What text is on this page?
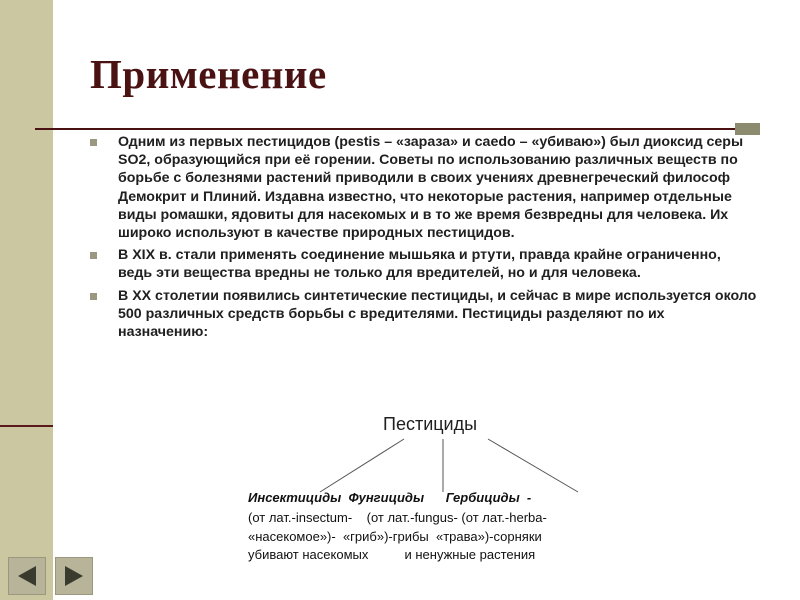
Применение
Одним из первых пестицидов (pestis – «зараза» и caedo – «убиваю») был диоксид серы SO2, образующийся при её горении. Советы по использованию различных веществ по борьбе с болезнями растений приводили в своих учениях древнегреческий философ Демокрит и Плиний. Издавна известно, что некоторые растения, например отдельные виды ромашки, ядовиты для насекомых и в то же время безвредны для человека. Их широко используют в качестве природных пестицидов.
В XIX в. стали применять соединение мышьяка и ртути, правда крайне ограниченно, ведь эти вещества вредны не только для вредителей, но и для человека.
В XX столетии появились синтетические пестициды, и сейчас в мире используется около 500 различных средств борьбы с вредителями. Пестициды разделяют по их назначению:
Пестициды
Инсектициды  Фунгициды      Гербициды  -
(от лат.-insectum-    (от лат.-fungus- (от лат.-herba-
«насекомое»)-  «гриб»)-грибы  «трава»)-сорняки
убивают насекомых          и ненужные растения
